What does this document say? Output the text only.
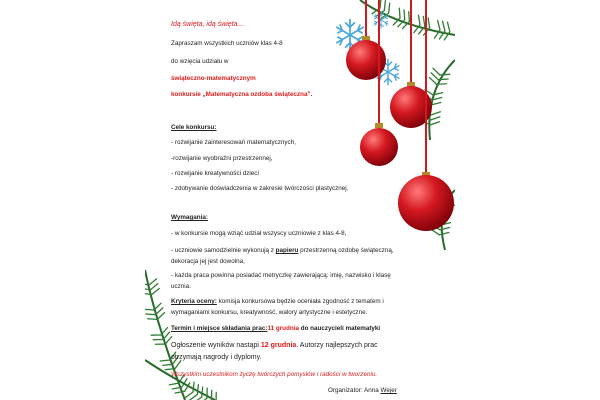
Idą święta, idą święta…

Zapraszam wszystkich uczniów klas 4-8

do wzięcia udziału w

świąteczno-matematycznym

konkursie „Matematyczna ozdoba świąteczna”.

Cele konkursu:

- rozwijanie zainteresowań matematycznych,

-rozwijanie wyobraźni przestrzennej,

- rozwijanie kreatywności dzieci

- zdobywanie doświadczenia w zakresie twórczości plastycznej.

Wymagania:

- w konkursie mogą wziąć udział wszyscy uczniowie z klas 4-8,

- uczniowie samodzielnie wykonują z papieru przestrzenną ozdobę świąteczną,

dekoracja jej jest dowolna,

- każda praca powinna posiadać metryczkę zawierającą: imię, nazwisko i klasę

ucznia.

Kryteria oceny: komisja konkursowa będzie oceniała zgodność z tematem i

wymaganiami konkursu, kreatywność, walory artystyczne i estetyczne.

Termin i miejsce składania prac:11 grudnia do nauczycieli matematyki

Ogłoszenie wyników nastąpi 12 grudnia. Autorzy najlepszych prac

otrzymają nagrody i dyplomy.

Wszystkim uczestnikom życzę twórczych pomysłów i radości w tworzeniu.

Organizator: Anna Wejer
